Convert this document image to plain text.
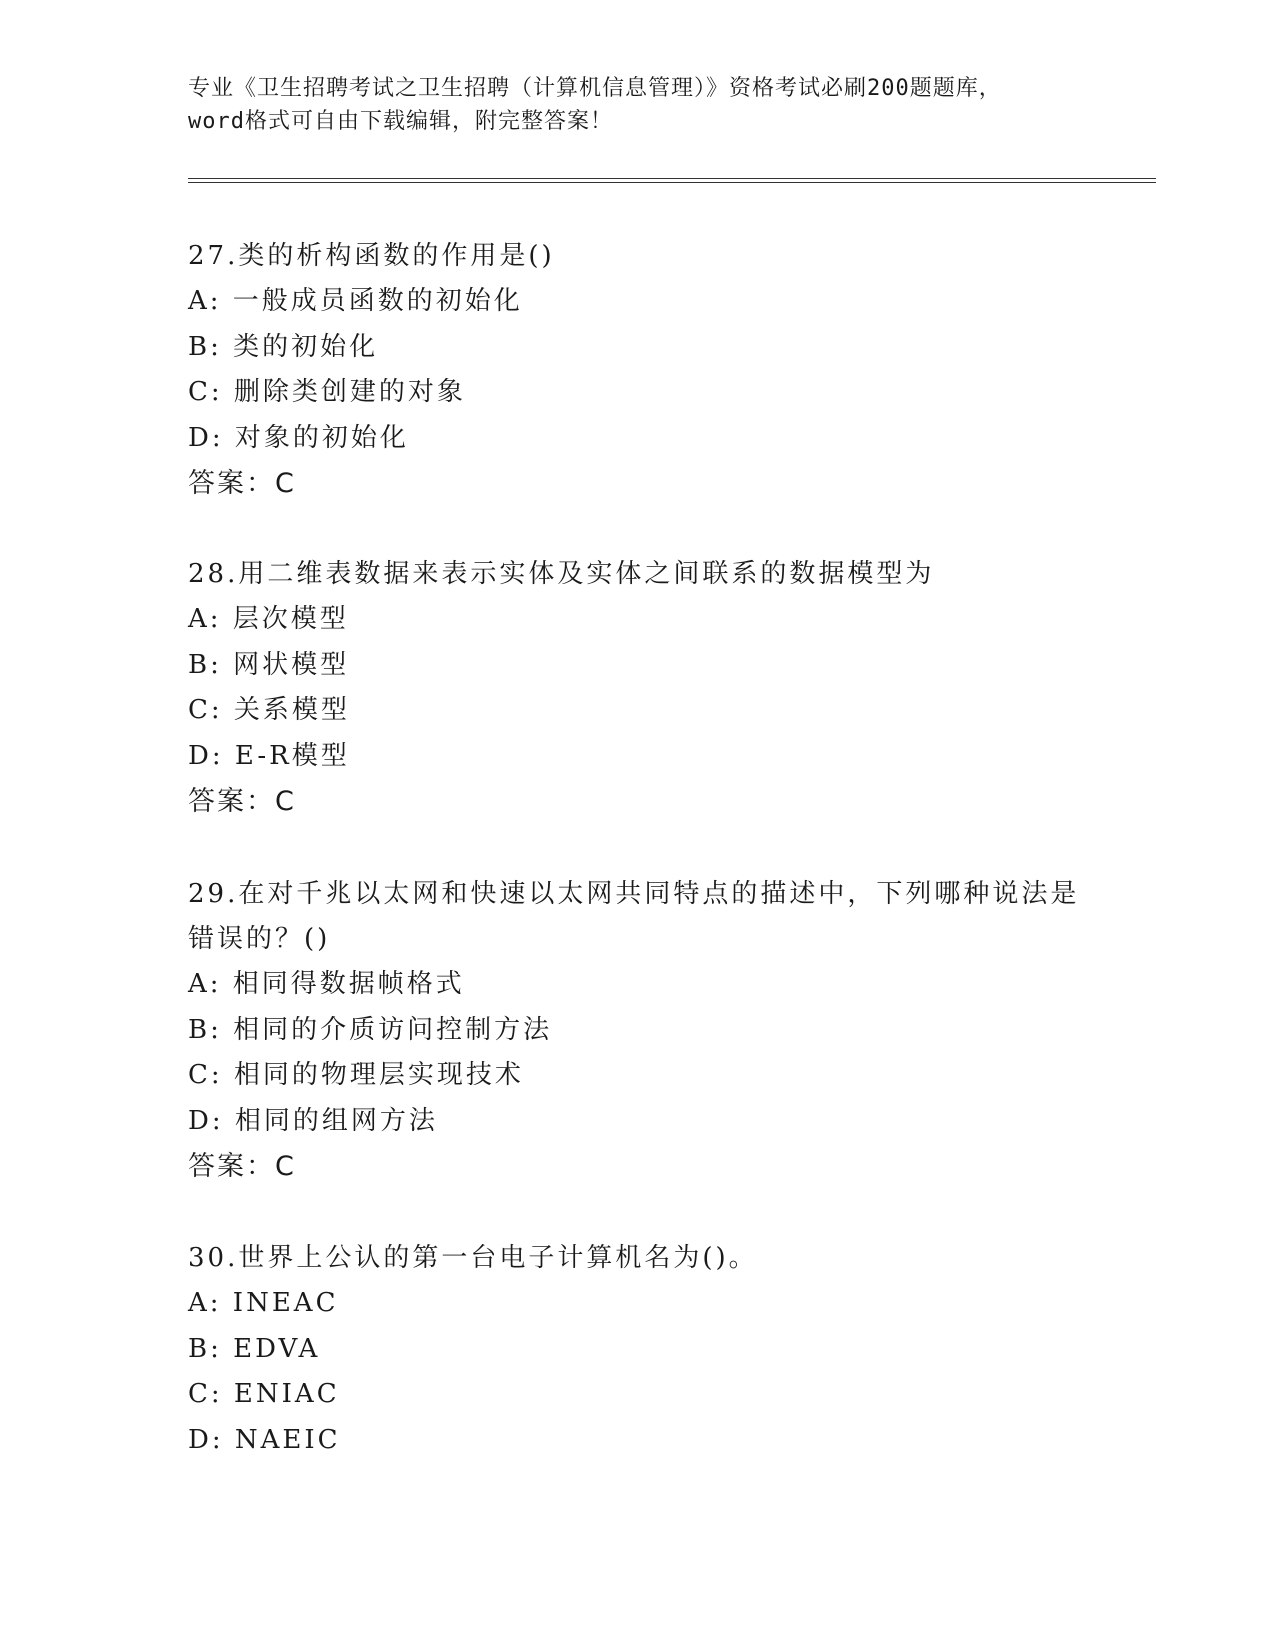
专业《卫生招聘考试之卫生招聘（计算机信息管理）》资格考试必刷200题题库，
word格式可自由下载编辑，附完整答案！

27.类的析构函数的作用是()

A: 一般成员函数的初始化
B: 类的初始化
C: 删除类创建的对象
D: 对象的初始化

答案：C

28.用二维表数据来表示实体及实体之间联系的数据模型为

A: 层次模型
B: 网状模型
C: 关系模型
D: E-R模型

答案：C

29.在对千兆以太网和快速以太网共同特点的描述中，下列哪种说法是

错误的？()

A: 相同得数据帧格式
B: 相同的介质访问控制方法
C: 相同的物理层实现技术
D: 相同的组网方法

答案：C

30.世界上公认的第一台电子计算机名为()。

A: INEAC
B: EDVA
C: ENIAC
D: NAEIC
